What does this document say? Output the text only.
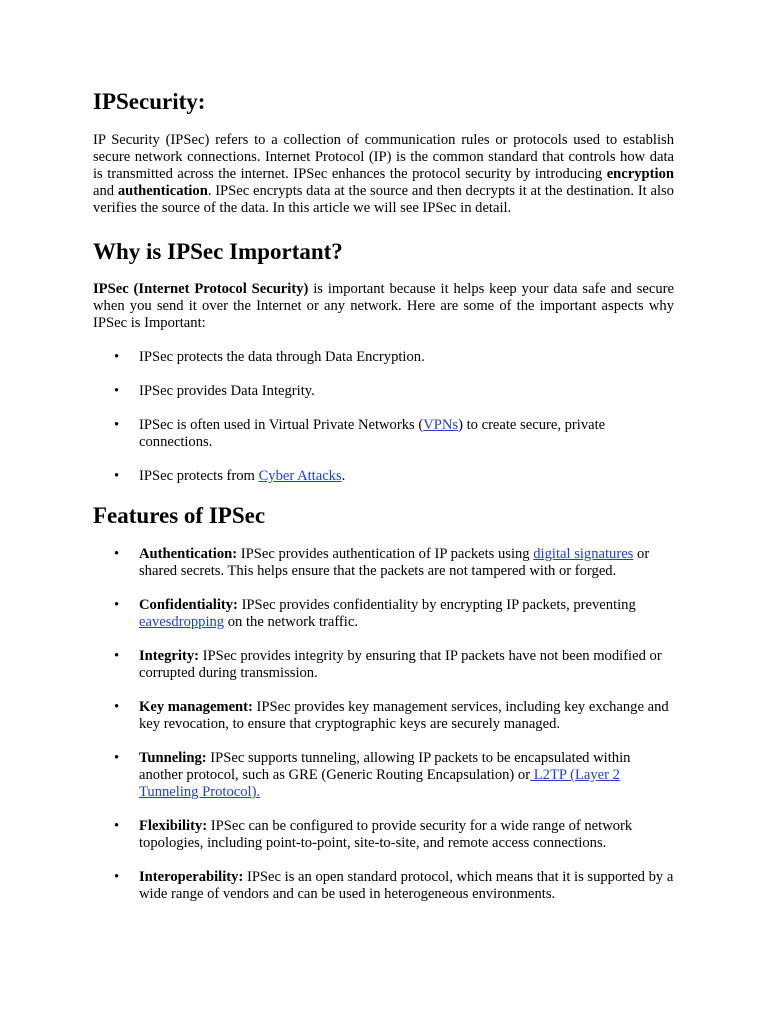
IPSecurity:

IP Security (IPSec) refers to a collection of communication rules or protocols used to establish secure network connections. Internet Protocol (IP) is the common standard that controls how data is transmitted across the internet. IPSec enhances the protocol security by introducing encryption and authentication. IPSec encrypts data at the source and then decrypts it at the destination. It also verifies the source of the data. In this article we will see IPSec in detail.

Why is IPSec Important?

IPSec (Internet Protocol Security) is important because it helps keep your data safe and secure when you send it over the Internet or any network. Here are some of the important aspects why IPSec is Important:

• IPSec protects the data through Data Encryption.
• IPSec provides Data Integrity.
• IPSec is often used in Virtual Private Networks (VPNs) to create secure, private connections.
• IPSec protects from Cyber Attacks.
Features of IPSec
• Authentication: IPSec provides authentication of IP packets using digital signatures or shared secrets. This helps ensure that the packets are not tampered with or forged.
• Confidentiality: IPSec provides confidentiality by encrypting IP packets, preventing eavesdropping on the network traffic.
• Integrity: IPSec provides integrity by ensuring that IP packets have not been modified or corrupted during transmission.
• Key management: IPSec provides key management services, including key exchange and key revocation, to ensure that cryptographic keys are securely managed.
• Tunneling: IPSec supports tunneling, allowing IP packets to be encapsulated within another protocol, such as GRE (Generic Routing Encapsulation) or L2TP (Layer 2 Tunneling Protocol).
• Flexibility: IPSec can be configured to provide security for a wide range of network topologies, including point-to-point, site-to-site, and remote access connections.
• Interoperability: IPSec is an open standard protocol, which means that it is supported by a wide range of vendors and can be used in heterogeneous environments.
